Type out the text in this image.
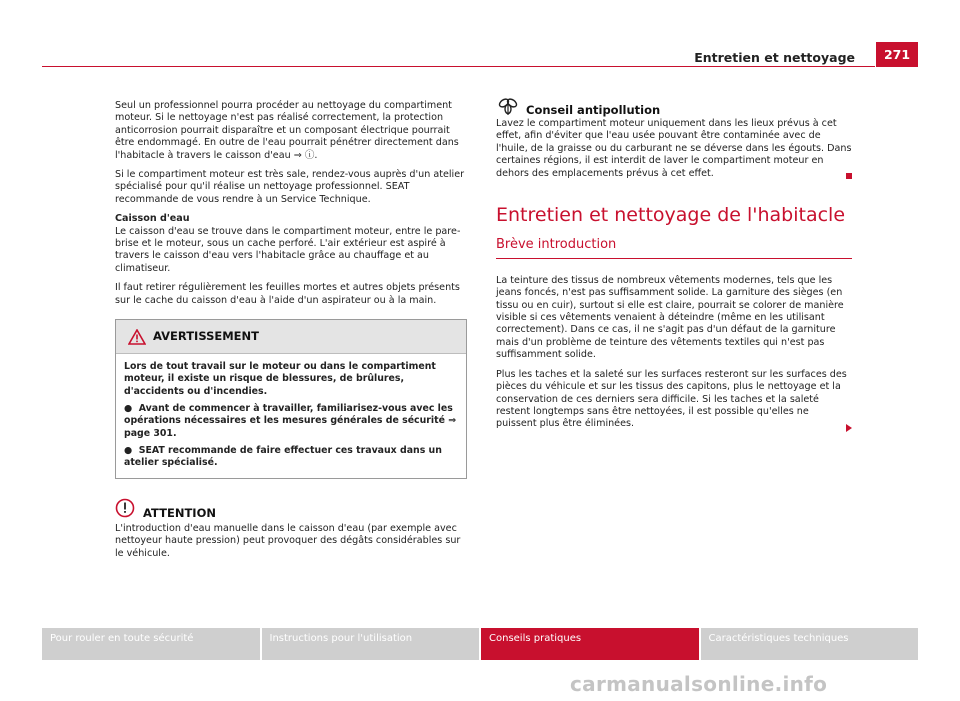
Entretien et nettoyage	271

Seul un professionnel pourra procéder au nettoyage du compartiment moteur. Si le nettoyage n'est pas réalisé correctement, la protection anticorrosion pourrait disparaître et un composant électrique pourrait être endommagé. En outre de l'eau pourrait pénétrer directement dans l'habitacle à travers le caisson d'eau ⇒ ⓘ.

Si le compartiment moteur est très sale, rendez-vous auprès d'un atelier spécialisé pour qu'il réalise un nettoyage professionnel. SEAT recommande de vous rendre à un Service Technique.

Caisson d'eau

Le caisson d'eau se trouve dans le compartiment moteur, entre le pare-brise et le moteur, sous un cache perforé. L'air extérieur est aspiré à travers le caisson d'eau vers l'habitacle grâce au chauffage et au climatiseur.

Il faut retirer régulièrement les feuilles mortes et autres objets présents sur le cache du caisson d'eau à l'aide d'un aspirateur ou à la main.

AVERTISSEMENT

Lors de tout travail sur le moteur ou dans le compartiment moteur, il existe un risque de blessures, de brûlures, d'accidents ou d'incendies.

●  Avant de commencer à travailler, familiarisez-vous avec les opérations nécessaires et les mesures générales de sécurité ⇒ page 301.

●  SEAT recommande de faire effectuer ces travaux dans un atelier spécialisé.

ATTENTION

L'introduction d'eau manuelle dans le caisson d'eau (par exemple avec nettoyeur haute pression) peut provoquer des dégâts considérables sur le véhicule.

Conseil antipollution

Lavez le compartiment moteur uniquement dans les lieux prévus à cet effet, afin d'éviter que l'eau usée pouvant être contaminée avec de l'huile, de la graisse ou du carburant ne se déverse dans les égouts. Dans certaines régions, il est interdit de laver le compartiment moteur en dehors des emplacements prévus à cet effet.

Entretien et nettoyage de l'habitacle
Brève introduction

La teinture des tissus de nombreux vêtements modernes, tels que les jeans foncés, n'est pas suffisamment solide. La garniture des sièges (en tissu ou en cuir), surtout si elle est claire, pourrait se colorer de manière visible si ces vêtements venaient à déteindre (même en les utilisant correctement). Dans ce cas, il ne s'agit pas d'un défaut de la garniture mais d'un problème de teinture des vêtements textiles qui n'est pas suffisamment solide.

Plus les taches et la saleté sur les surfaces resteront sur les surfaces des pièces du véhicule et sur les tissus des capitons, plus le nettoyage et la conservation de ces derniers sera difficile. Si les taches et la saleté restent longtemps sans être nettoyées, il est possible qu'elles ne puissent plus être éliminées.

Pour rouler en toute sécurité	Instructions pour l'utilisation	Conseils pratiques	Caractéristiques techniques
carmanualsonline.info
